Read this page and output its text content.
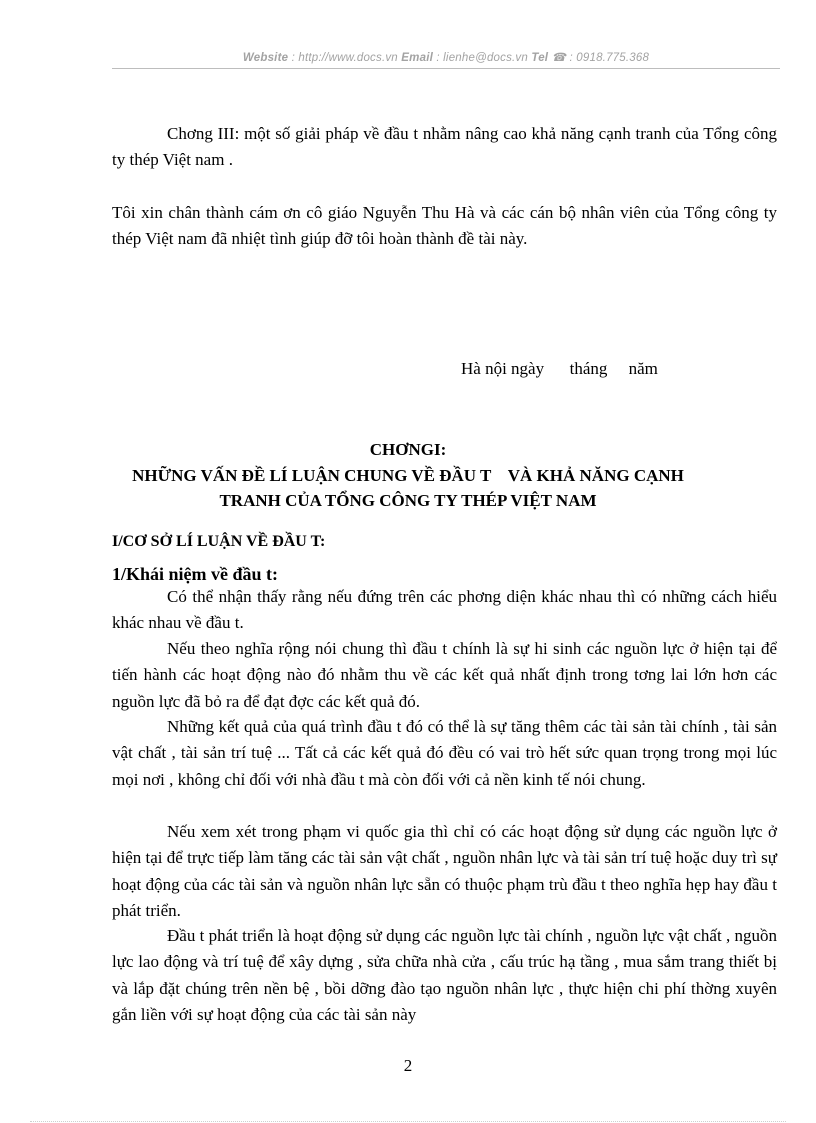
Website : http://www.docs.vn Email : lienhe@docs.vn Tel ☎ : 0918.775.368

Chơng III: một số giải pháp về đầu t nhằm nâng cao khả năng cạnh tranh của Tổng công ty thép Việt nam .

Tôi xin chân thành cám ơn cô giáo Nguyễn Thu Hà và các cán bộ nhân viên của Tổng công ty thép Việt nam đã nhiệt tình giúp đỡ tôi hoàn thành đề tài này.

Hà nội ngày      tháng     năm

CHƠNGI:

NHỮNG VẤN ĐỀ LÍ LUẬN CHUNG VỀ ĐẦU T    VÀ KHẢ NĂNG CẠNH

TRANH CỦA TỔNG CÔNG TY THÉP VIỆT NAM

I/CƠ SỞ LÍ LUẬN VỀ ĐẦU T:

1/Khái niệm về đầu t:

Có thể nhận thấy rằng nếu đứng trên các phơng diện khác nhau thì có những cách hiểu khác nhau về đầu t.

Nếu theo nghĩa rộng nói chung thì đầu t chính là sự hi sinh các nguồn lực ở hiện tại để tiến hành các hoạt động nào đó nhằm thu về các kết quả nhất định trong tơng lai lớn hơn các nguồn lực đã bỏ ra để đạt đợc các kết quả đó.

Những kết quả của quá trình đầu t đó có thể là sự tăng thêm các tài sản tài chính , tài sản vật chất , tài sản trí tuệ ... Tất cả các kết quả đó đều có vai trò hết sức quan trọng trong mọi lúc mọi nơi , không chỉ đối với nhà đầu t mà còn đối với cả nền kinh tế nói chung.

Nếu xem xét trong phạm vi quốc gia thì chỉ có các hoạt động sử dụng các nguồn lực ở hiện tại để trực tiếp làm tăng các tài sản vật chất , nguồn nhân lực và tài sản trí tuệ hoặc duy trì sự hoạt động của các tài sản và nguồn nhân lực sẵn có thuộc phạm trù đầu t theo nghĩa hẹp hay đầu t phát triển.

Đầu t phát triển là hoạt động sử dụng các nguồn lực tài chính , nguồn lực vật chất , nguồn lực lao động và trí tuệ để xây dựng , sửa chữa nhà cửa , cấu trúc hạ tầng , mua sắm trang thiết bị và lắp đặt chúng trên nền bệ , bồi dỡng đào tạo nguồn nhân lực , thực hiện chi phí thờng xuyên gắn liền với sự hoạt động của các tài sản này

2
